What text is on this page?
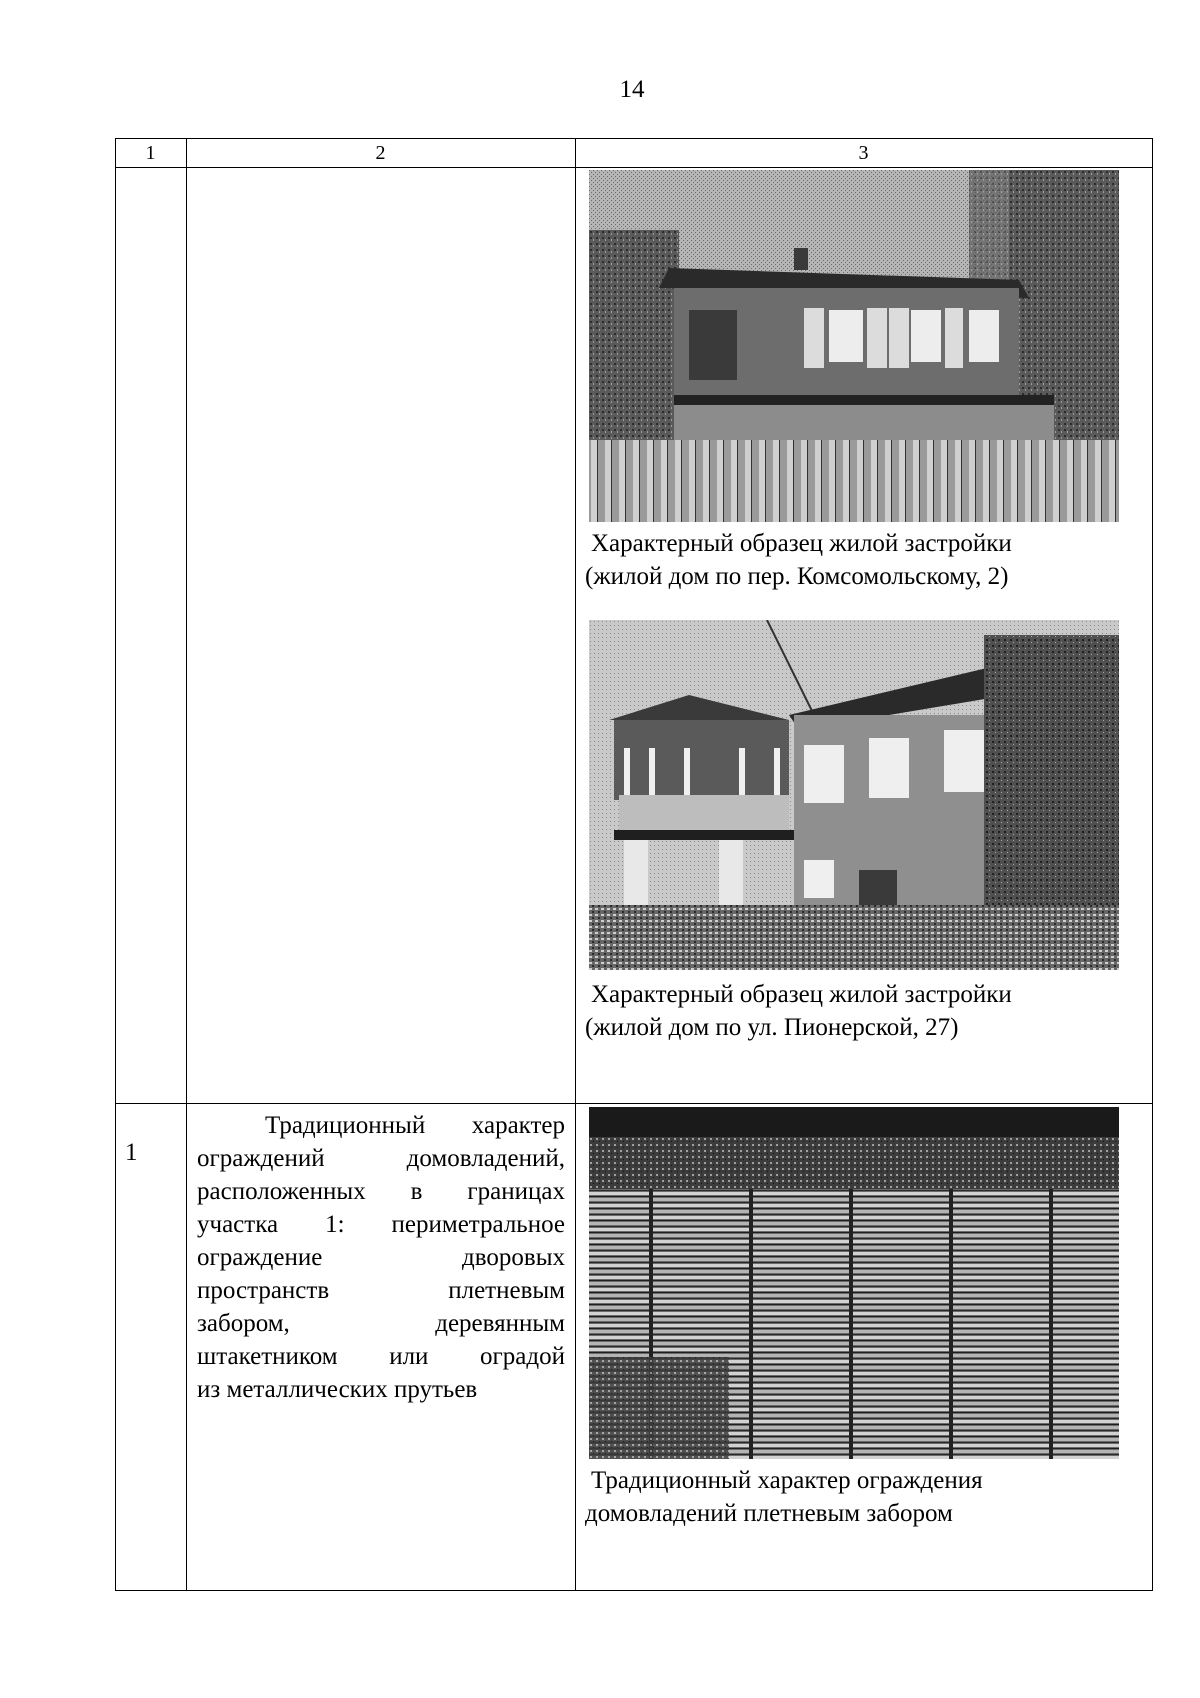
14
1	2	3
Характерный образец жилой застройки
(жилой дом по пер. Комсомольскому, 2)
Характерный образец жилой застройки
(жилой дом по ул. Пионерской, 27)
1
Традиционный характер
ограждений домовладений,
расположенных в границах
участка 1: периметральное
ограждение дворовых
пространств плетневым
забором, деревянным
штакетником или оградой
из металлических прутьев
Традиционный характер ограждения
домовладений плетневым забором
